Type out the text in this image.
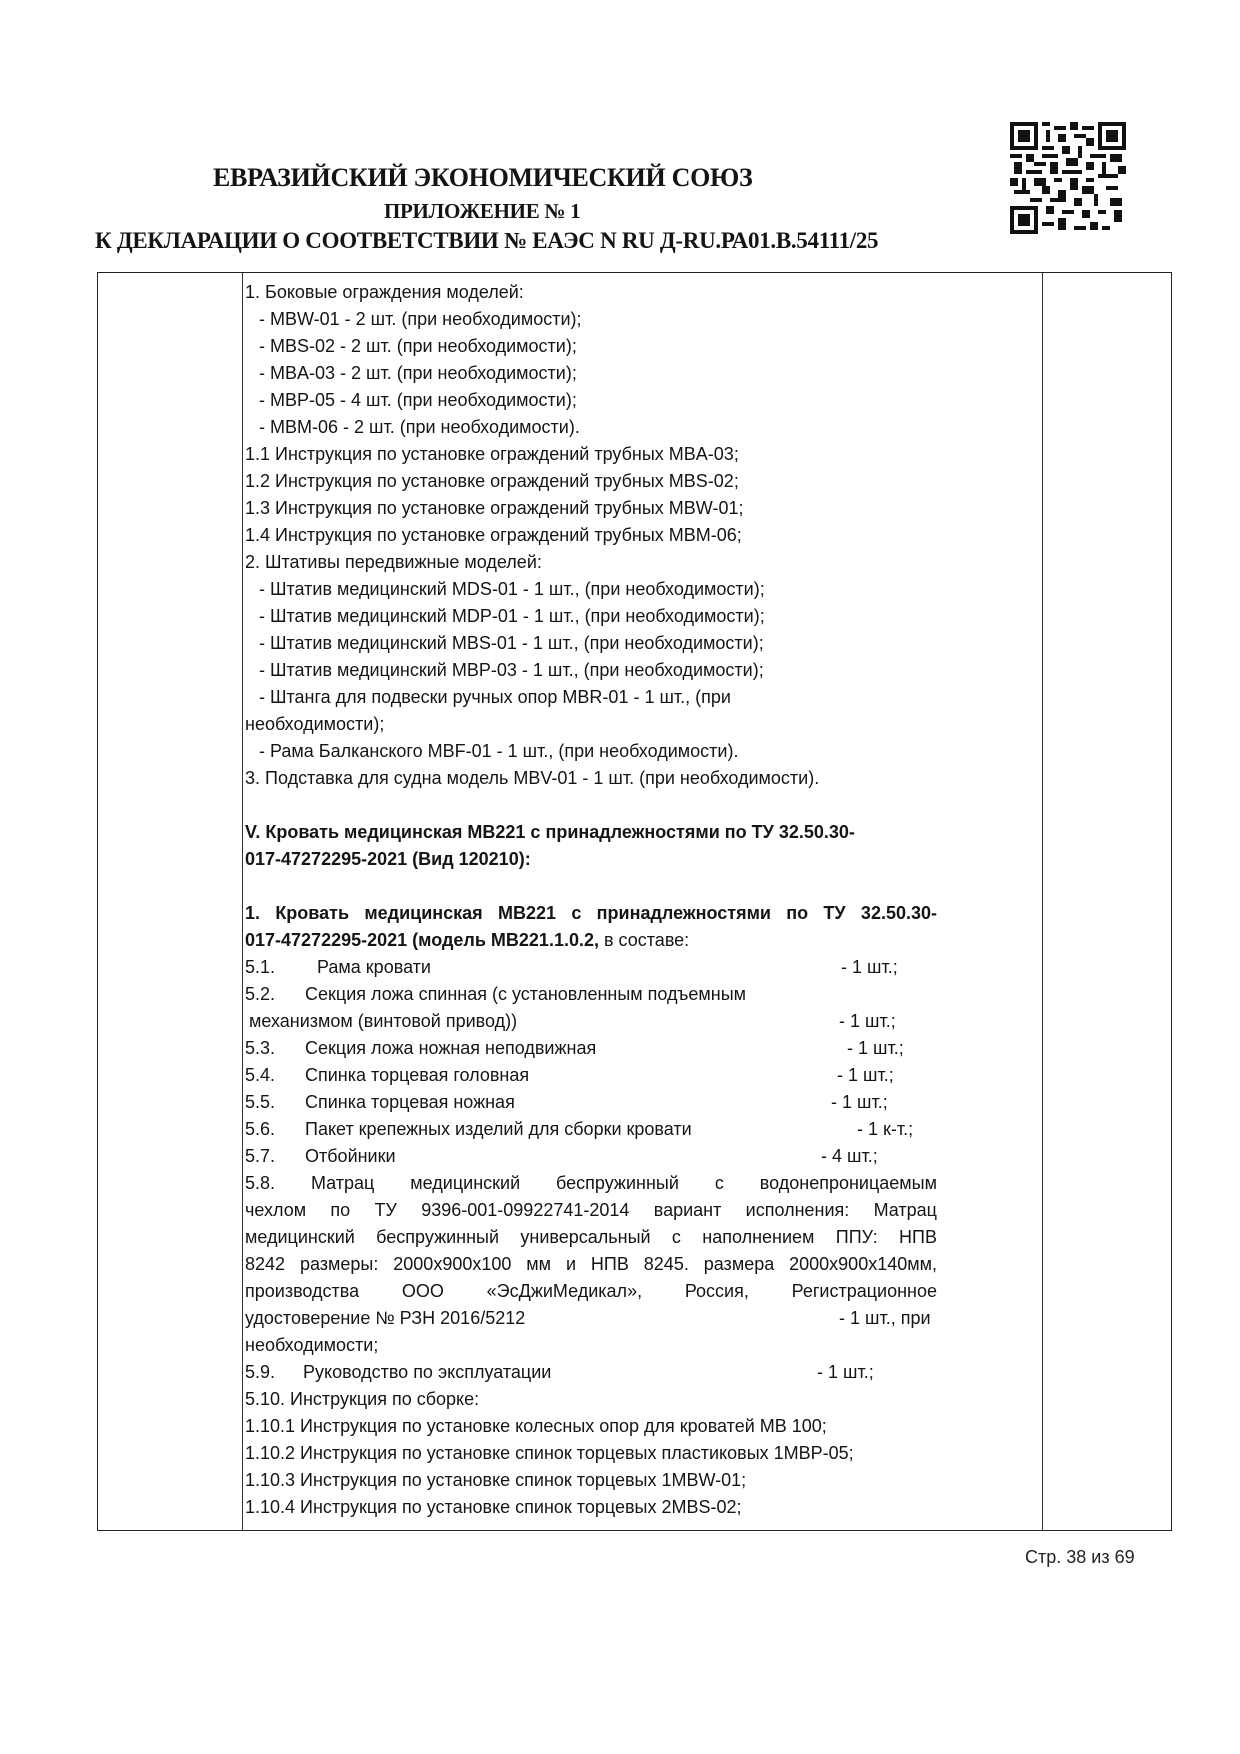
ЕВРАЗИЙСКИЙ ЭКОНОМИЧЕСКИЙ СОЮЗ
ПРИЛОЖЕНИЕ № 1
К ДЕКЛАРАЦИИ О СООТВЕТСТВИИ № ЕАЭС N RU Д-RU.РА01.В.54111/25
1. Боковые ограждения моделей:
- MBW-01 - 2 шт. (при необходимости);
- MBS-02 - 2 шт. (при необходимости);
- MBA-03 - 2 шт. (при необходимости);
- MBP-05 - 4 шт. (при необходимости);
- MBM-06 - 2 шт. (при необходимости).
1.1 Инструкция по установке ограждений трубных MBA-03;
1.2 Инструкция по установке ограждений трубных MBS-02;
1.3 Инструкция по установке ограждений трубных MBW-01;
1.4 Инструкция по установке ограждений трубных MBM-06;
2. Штативы передвижные моделей:
- Штатив медицинский MDS-01 - 1 шт., (при необходимости);
- Штатив медицинский MDP-01 - 1 шт., (при необходимости);
- Штатив медицинский MBS-01 - 1 шт., (при необходимости);
- Штатив медицинский MBP-03 - 1 шт., (при необходимости);
- Штанга для подвески ручных опор MBR-01 - 1 шт., (при
необходимости);
- Рама Балканского MBF-01 - 1 шт., (при необходимости).
3. Подставка для судна модель MBV-01 - 1 шт. (при необходимости).
V. Кровать медицинская МВ221 с принадлежностями по ТУ 32.50.30-
017-47272295-2021 (Вид 120210):
1. Кровать медицинская МВ221 с принадлежностями по ТУ 32.50.30-
017-47272295-2021 (модель МВ221.1.0.2, в составе:
5.1. Рама кровати	- 1 шт.;
5.2. Секция ложа спинная (с установленным подъемным
механизмом (винтовой привод))	- 1 шт.;
5.3. Секция ложа ножная неподвижная	- 1 шт.;
5.4. Спинка торцевая головная	- 1 шт.;
5.5. Спинка торцевая ножная	- 1 шт.;
5.6. Пакет крепежных изделий для сборки кровати	- 1 к-т.;
5.7. Отбойники	- 4 шт.;
5.8. Матрац медицинский беспружинный с водонепроницаемым
чехлом по ТУ 9396-001-09922741-2014 вариант исполнения: Матрац
медицинский беспружинный универсальный с наполнением ППУ: НПВ
8242 размеры: 2000x900x100 мм и НПВ 8245. размера 2000x900x140мм,
производства ООО «ЭсДжиМедикал», Россия, Регистрационное
удостоверение № РЗН 2016/5212	- 1 шт., при
необходимости;
5.9. Руководство по эксплуатации	- 1 шт.;
5.10. Инструкция по сборке:
1.10.1 Инструкция по установке колесных опор для кроватей МВ 100;
1.10.2 Инструкция по установке спинок торцевых пластиковых 1MBP-05;
1.10.3 Инструкция по установке спинок торцевых 1MBW-01;
1.10.4 Инструкция по установке спинок торцевых 2MBS-02;
Стр. 38 из 69
